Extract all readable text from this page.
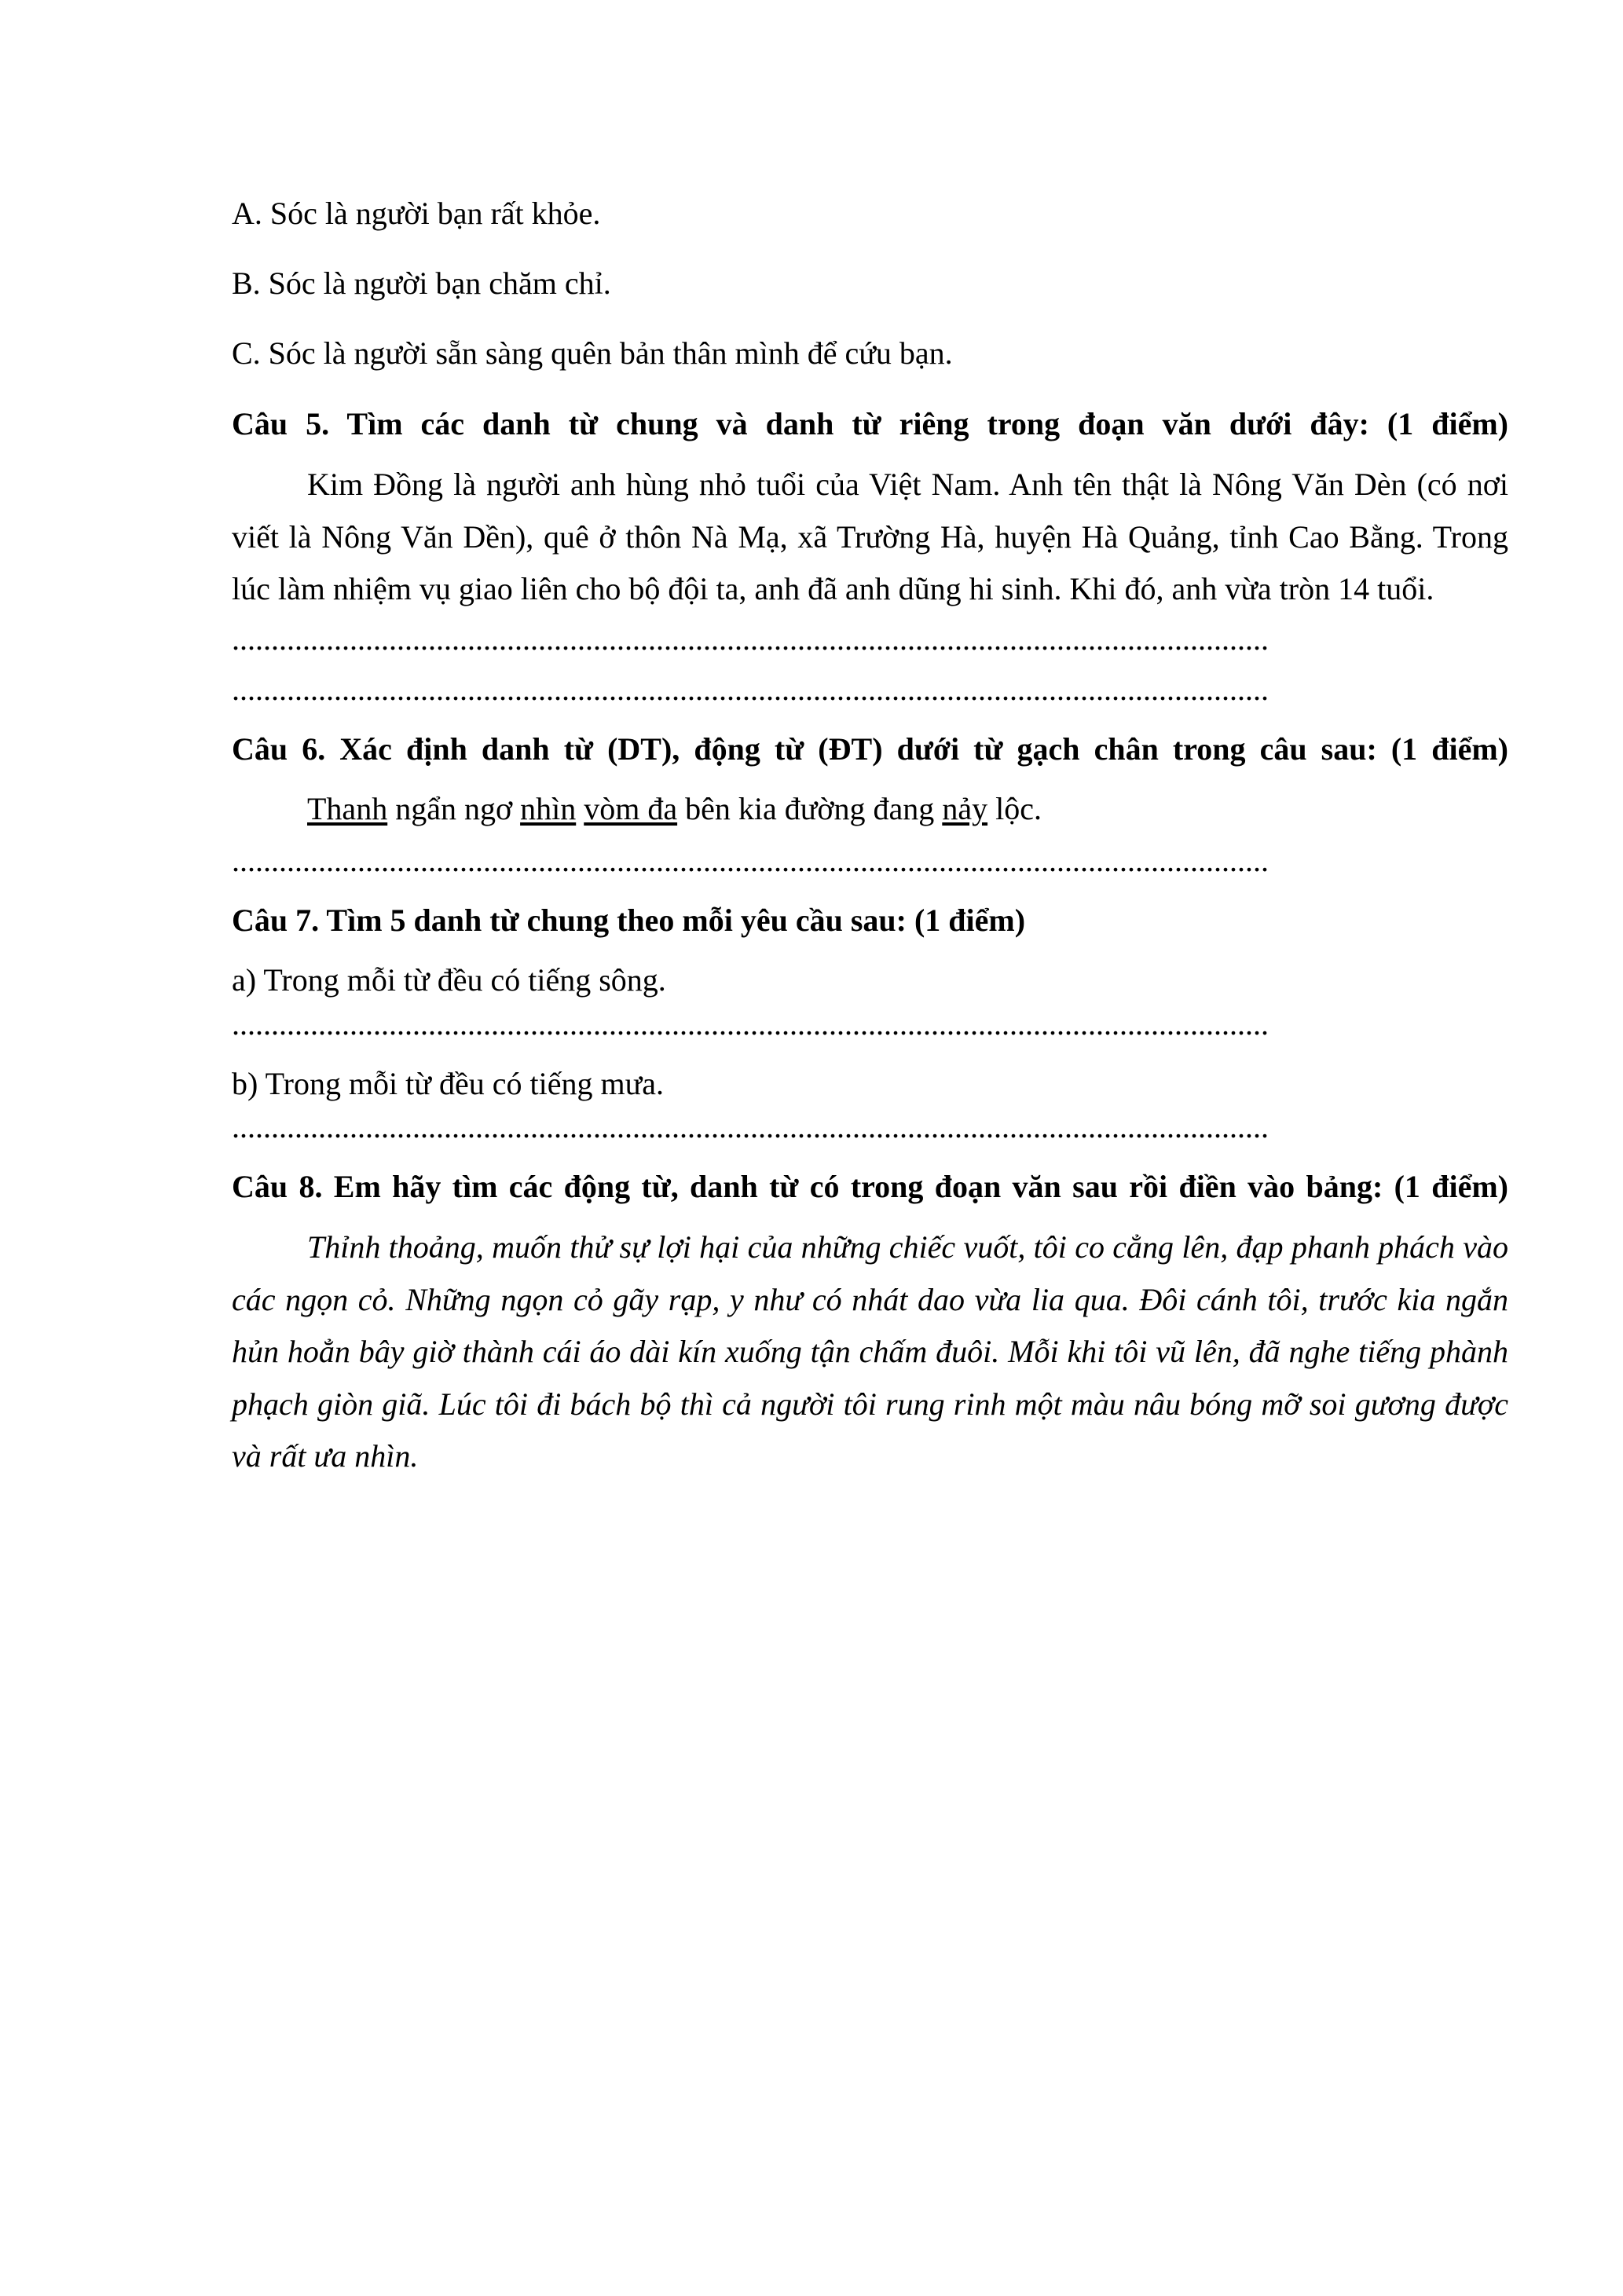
A. Sóc là người bạn rất khỏe.
B. Sóc là người bạn chăm chỉ.
C. Sóc là người sẵn sàng quên bản thân mình để cứu bạn.
Câu 5. Tìm các danh từ chung và danh từ riêng trong đoạn văn dưới đây: (1 điểm)
Kim Đồng là người anh hùng nhỏ tuổi của Việt Nam. Anh tên thật là Nông Văn Dèn (có nơi viết là Nông Văn Dền), quê ở thôn Nà Mạ, xã Trường Hà, huyện Hà Quảng, tỉnh Cao Bằng. Trong lúc làm nhiệm vụ giao liên cho bộ đội ta, anh đã anh dũng hi sinh. Khi đó, anh vừa tròn 14 tuổi.
....................................................................................................................................
....................................................................................................................................
Câu 6. Xác định danh từ (DT), động từ (ĐT) dưới từ gạch chân trong câu sau: (1 điểm)
Thanh ngẩn ngơ nhìn vòm đa bên kia đường đang nảy lộc.
....................................................................................................................................
Câu 7. Tìm 5 danh từ chung theo mỗi yêu cầu sau: (1 điểm)
a) Trong mỗi từ đều có tiếng sông.
....................................................................................................................................
b) Trong mỗi từ đều có tiếng mưa.
....................................................................................................................................
Câu 8. Em hãy tìm các động từ, danh từ có trong đoạn văn sau rồi điền vào bảng: (1 điểm)
Thỉnh thoảng, muốn thử sự lợi hại của những chiếc vuốt, tôi co cẳng lên, đạp phanh phách vào các ngọn cỏ. Những ngọn cỏ gãy rạp, y như có nhát dao vừa lia qua. Đôi cánh tôi, trước kia ngắn hủn hoẳn bây giờ thành cái áo dài kín xuống tận chấm đuôi. Mỗi khi tôi vũ lên, đã nghe tiếng phành phạch giòn giã. Lúc tôi đi bách bộ thì cả người tôi rung rinh một màu nâu bóng mỡ soi gương được và rất ưa nhìn.
